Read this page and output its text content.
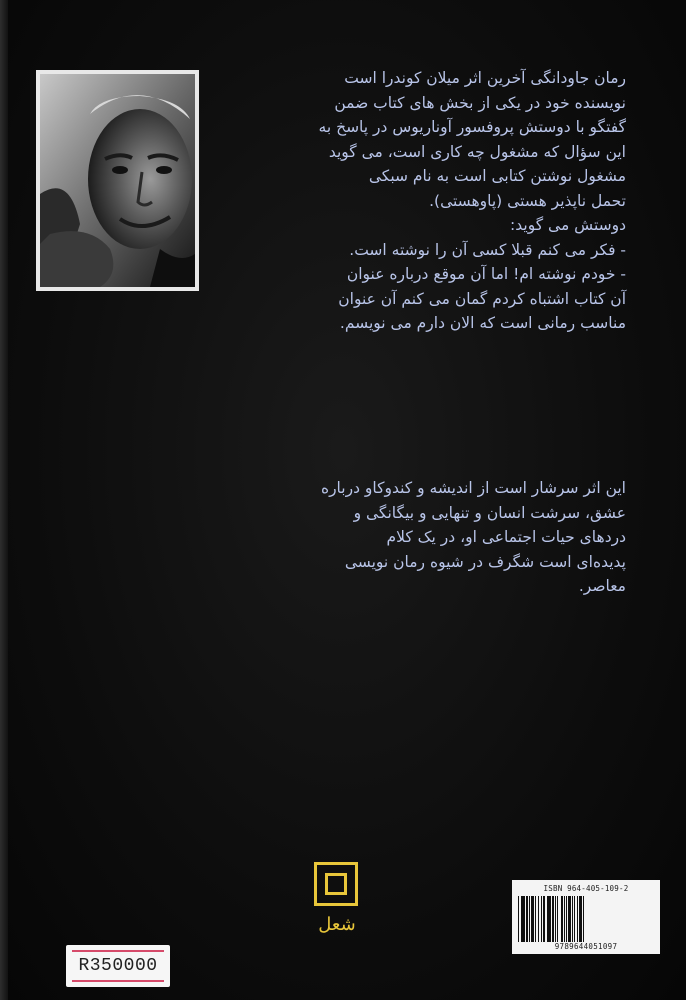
رمان جاودانگی آخرین اثر میلان کوندرا است
نویسنده خود در یکی از بخش های کتاب ضمن
گفتگو با دوستش پروفسور آوناریوس در پاسخ به
این سؤال که مشغول چه کاری است، می گوید
مشغول نوشتن کتابی است به نام سبکی
تحمل ناپذیر هستی (پاوهستی).
دوستش می گوید:
- فکر می کنم قبلا کسی آن را نوشته است.
- خودم نوشته ام! اما آن موقع درباره عنوان
آن کتاب اشتباه کردم گمان می کنم آن عنوان
مناسب رمانی است که الان دارم می نویسم.
این اثر سرشار است از اندیشه و کندوکاو درباره
عشق، سرشت انسان و تنهایی و بیگانگی و
دردهای حیات اجتماعی او، در یک کلام
پدیده‌ای است شگرف در شیوه رمان نویسی
معاصر.
شعل
ISBN 964-405-109-2
9789644051097
R350000
